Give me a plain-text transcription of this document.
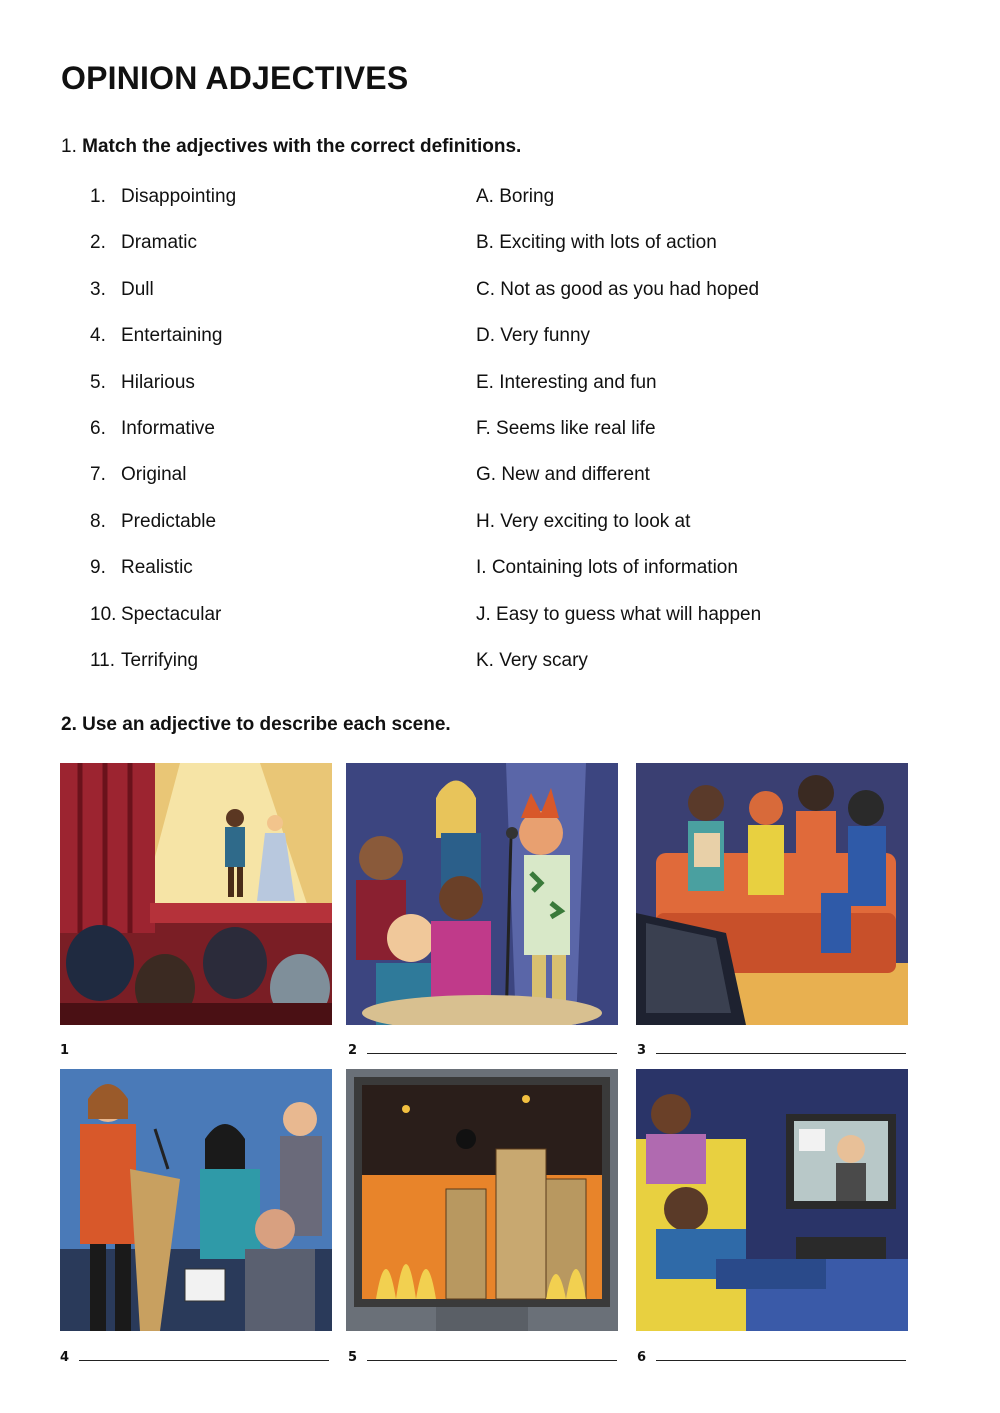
OPINION ADJECTIVES
1. Match the adjectives with the correct definitions.
1. Disappointing	A. Boring
2. Dramatic	B. Exciting with lots of action
3. Dull	C. Not as good as you had hoped
4. Entertaining	D. Very funny
5. Hilarious	E. Interesting and fun
6. Informative	F. Seems like real life
7. Original	G. New and different
8. Predictable	H. Very exciting to look at
9. Realistic	I. Containing lots of information
10. Spectacular	J. Easy to guess what will happen
11. Terrifying	K. Very scary
2. Use an adjective to describe each scene.
1	2	3
4	5	6
